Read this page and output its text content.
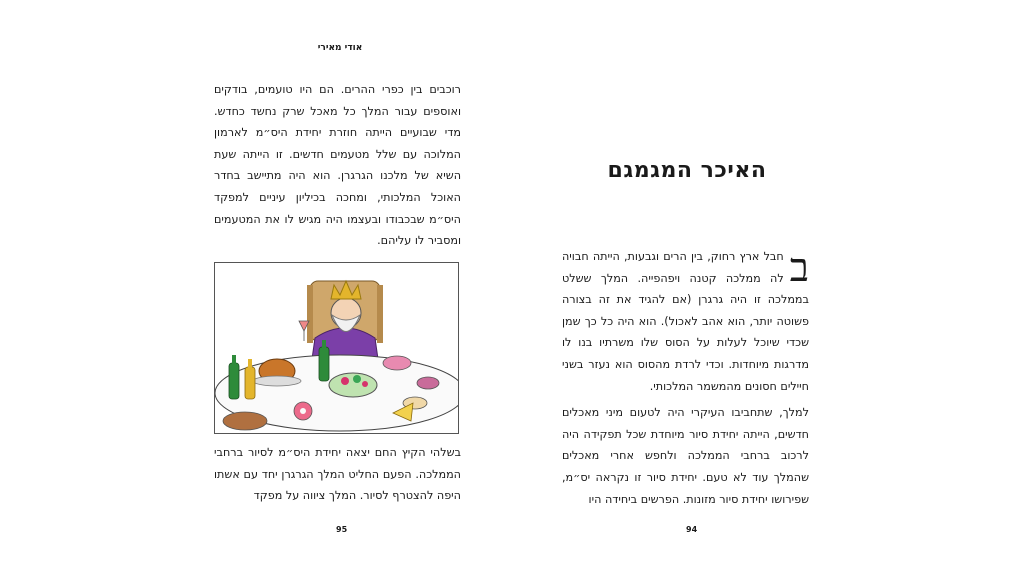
אודי מאירי
רוכבים בין כפרי ההרים. הם היו טועמים, בודקים ואוספים עבור המלך כל מאכל שרק נחשד כחדש. מדי שבועיים הייתה חוזרת יחידת היס״מ לארמון המלוכה עם שלל מטעמים חדשים. זו הייתה שעת השיא של מלכנו הגרגרן. הוא היה מתיישב בחדר האוכל המלכותי, ומחכה בכיליון עיניים למפקד היס״מ שבכבודו ובעצמו היה מגיש לו את המטעמים ומסביר לו עליהם.
בשלהי הקיץ החם יצאה יחידת היס״מ לסיור ברחבי הממלכה. הפעם החליט המלך הגרגרן יחד עם אשתו היפה להצטרף לסיור. המלך ציווה על מפקד
95
האיכר המגמגם
ב
חבל ארץ רחוק, בין הרים וגבעות, הייתה חבויה לה ממלכה קטנה ויפהפייה. המלך ששלט בממלכה זו היה גרגרן (אם להגיד את זה בצורה פשוטה יותר, הוא אהב לאכול). הוא היה כל כך שמן שכדי שיוכל לעלות על הסוס שלו משרתיו בנו לו מדרגות מיוחדות. וכדי לרדת מהסוס הוא נעזר בשני חיילים חסונים מהמשמר המלכותי.
למלך, שתחביבו העיקרי היה לטעום מיני מאכלים חדשים, הייתה יחידת סיור מיוחדת שכל תפקידה היה לרכוב ברחבי הממלכה ולחפש אחרי מאכלים שהמלך עוד לא טעם. יחידת סיור זו נקראה יס״מ, שפירושו יחידת סיור מזונות. הפרשים ביחידה היו
94
